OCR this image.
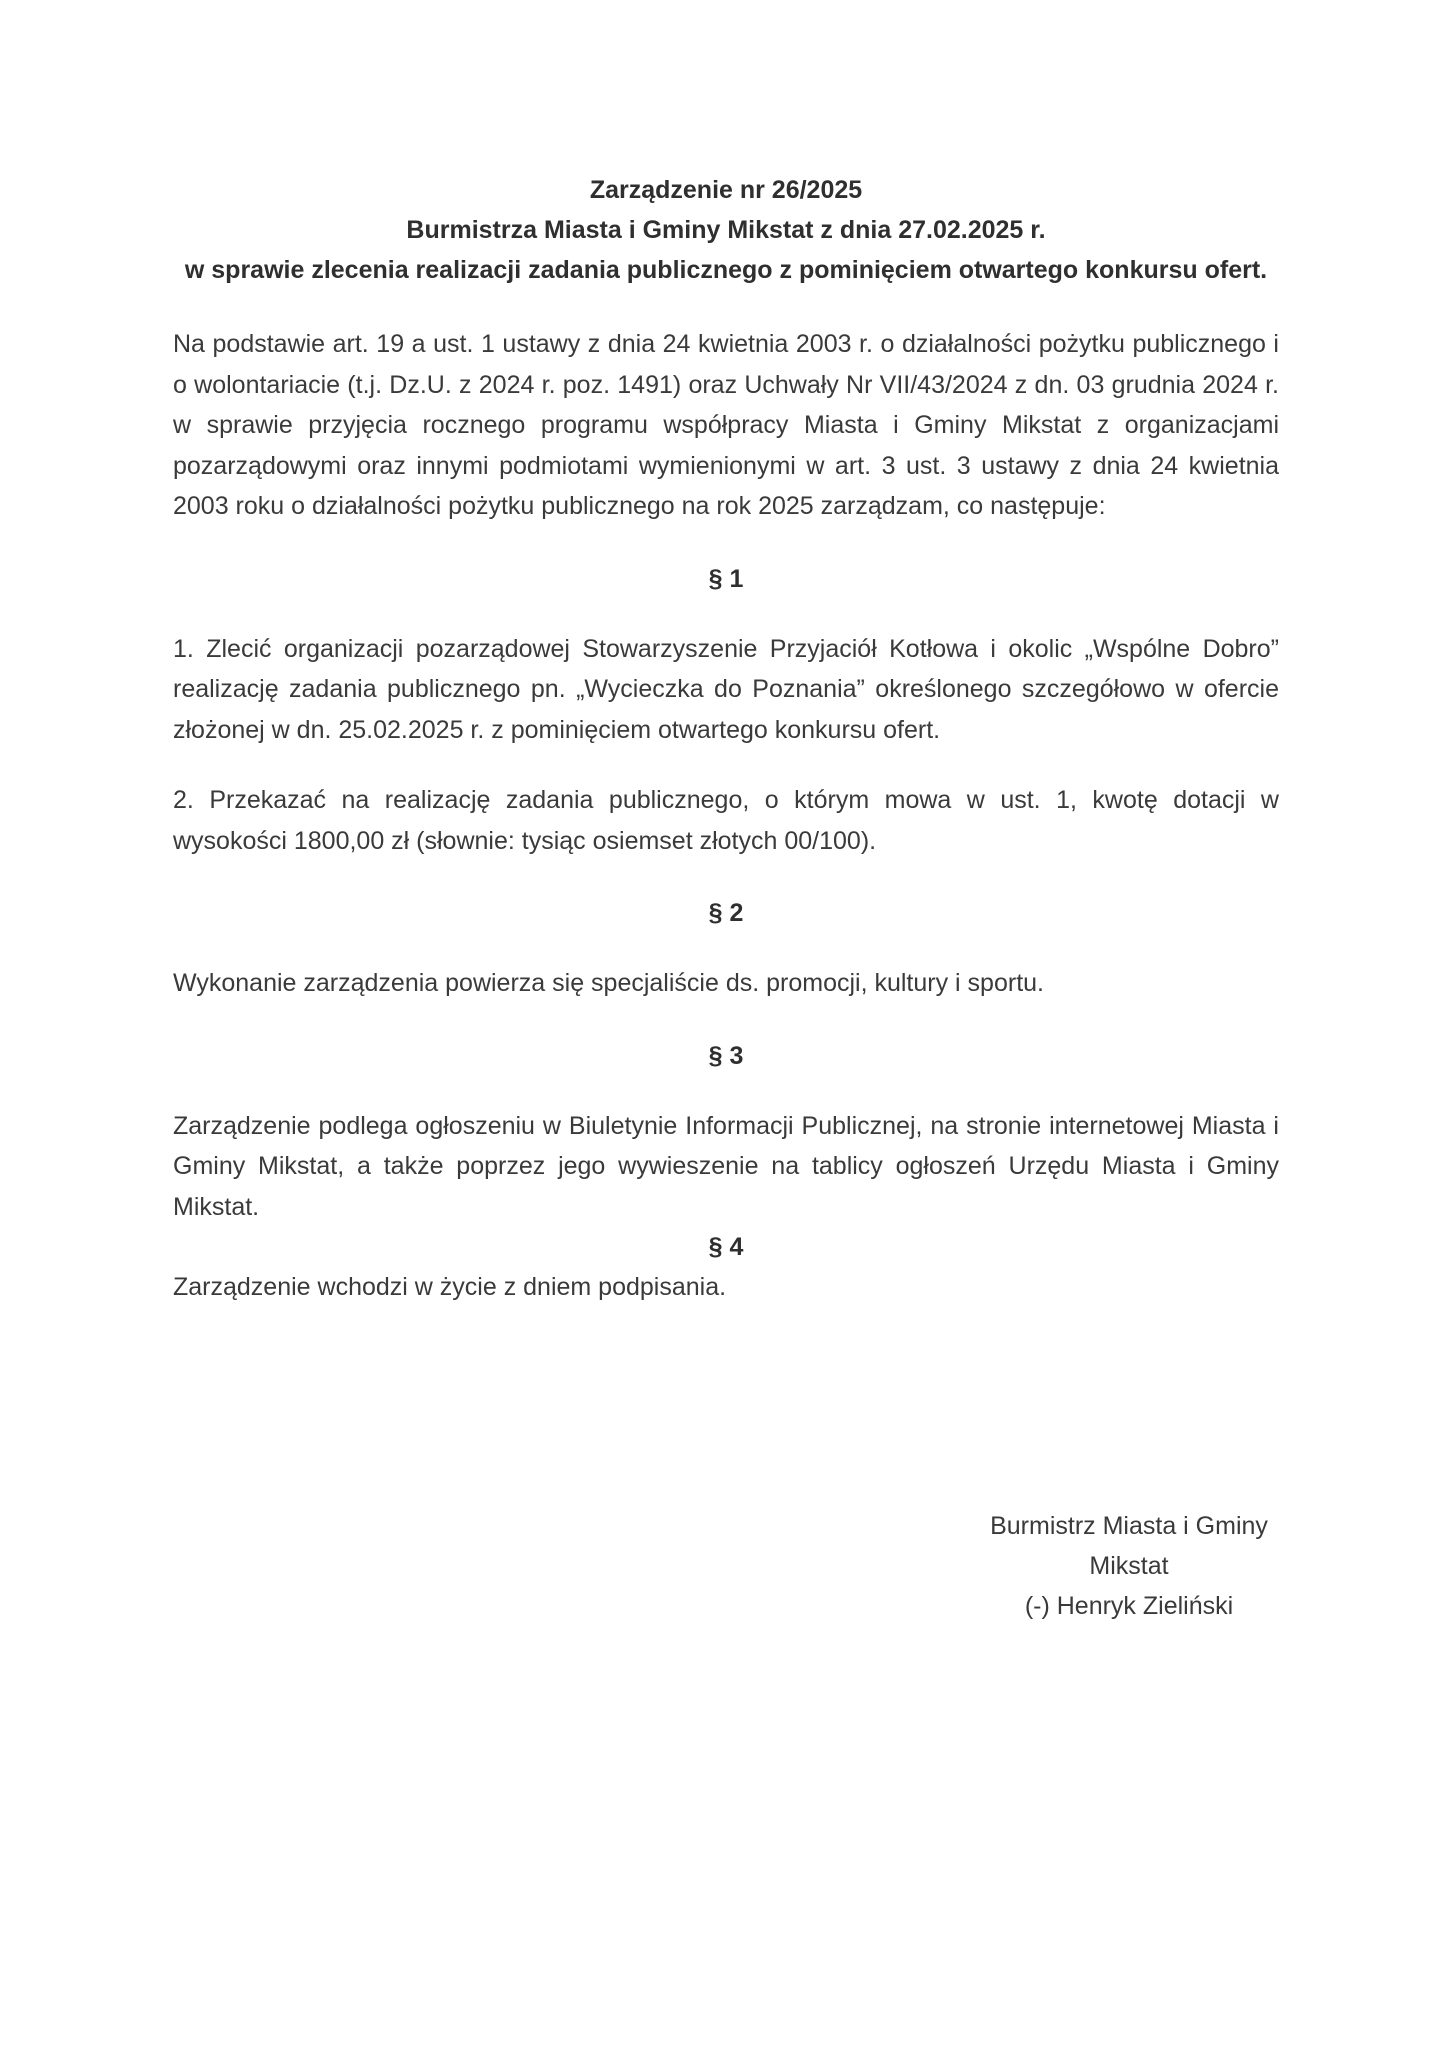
Zarządzenie nr 26/2025

Burmistrza Miasta i Gminy Mikstat z dnia 27.02.2025 r.

w sprawie zlecenia realizacji zadania publicznego z pominięciem otwartego konkursu ofert.

Na podstawie art. 19 a ust. 1 ustawy z dnia 24 kwietnia 2003 r. o działalności pożytku publicznego i o wolontariacie (t.j. Dz.U. z 2024 r. poz. 1491) oraz Uchwały Nr VII/43/2024 z dn. 03 grudnia 2024 r. w sprawie przyjęcia rocznego programu współpracy Miasta i Gminy Mikstat z organizacjami pozarządowymi oraz innymi podmiotami wymienionymi w art. 3 ust. 3 ustawy z dnia 24 kwietnia 2003 roku o działalności pożytku publicznego na rok 2025 zarządzam, co następuje:

§ 1

1. Zlecić organizacji pozarządowej Stowarzyszenie Przyjaciół Kotłowa i okolic „Wspólne Dobro” realizację zadania publicznego pn. „Wycieczka do Poznania” określonego szczegółowo w ofercie złożonej w dn. 25.02.2025 r. z pominięciem otwartego konkursu ofert.

2. Przekazać na realizację zadania publicznego, o którym mowa w ust. 1, kwotę dotacji w wysokości 1800,00 zł (słownie: tysiąc osiemset złotych 00/100).

§ 2

Wykonanie zarządzenia powierza się specjaliście ds. promocji, kultury i sportu.

§ 3

Zarządzenie podlega ogłoszeniu w Biuletynie Informacji Publicznej, na stronie internetowej Miasta i Gminy Mikstat, a także poprzez jego wywieszenie na tablicy ogłoszeń Urzędu Miasta i Gminy Mikstat.

§ 4

Zarządzenie wchodzi w życie z dniem podpisania.

Burmistrz Miasta i Gminy
Mikstat
(-) Henryk Zieliński
